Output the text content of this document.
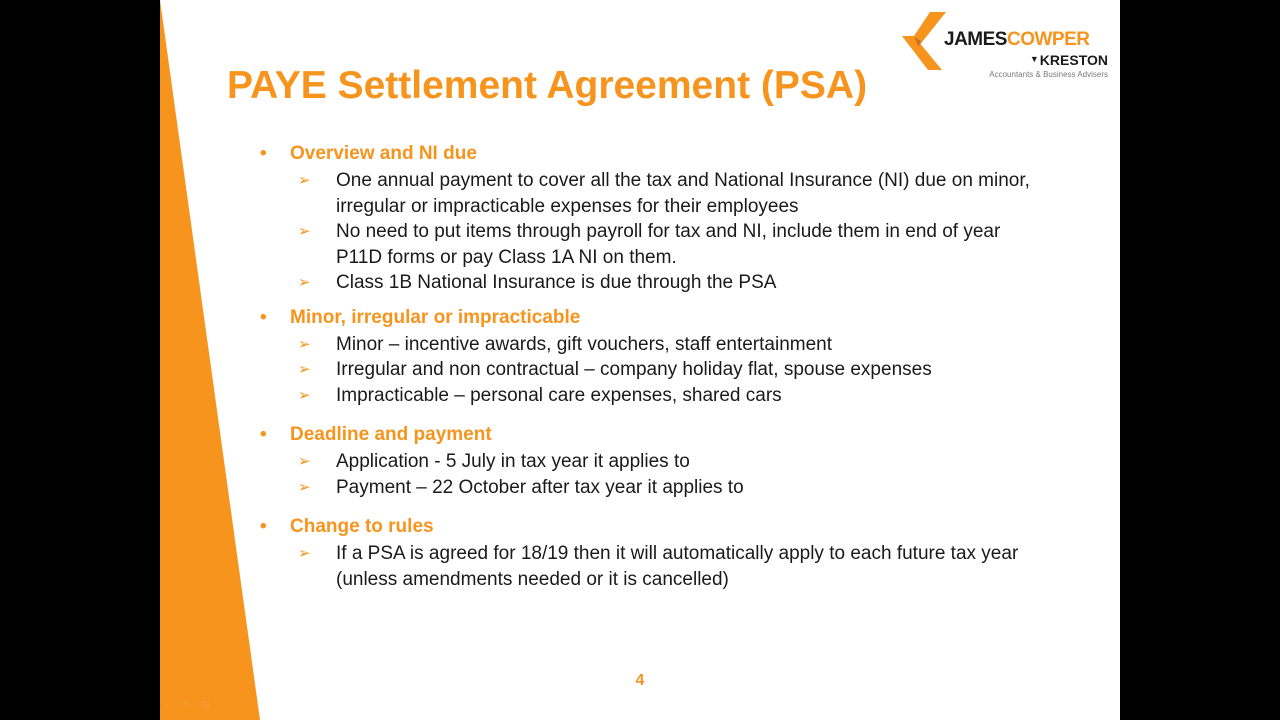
JAMESCOWPER
▼KRESTON
Accountants & Business Advisers
PAYE Settlement Agreement (PSA)
• Overview and NI due
➢ One annual payment to cover all the tax and National Insurance (NI) due on minor, irregular or impracticable expenses for their employees
➢ No need to put items through payroll for tax and NI, include them in end of year P11D forms or pay Class 1A NI on them.
➢ Class 1B National Insurance is due through the PSA
• Minor, irregular or impracticable
➢ Minor – incentive awards, gift vouchers, staff entertainment
➢ Irregular and non contractual – company holiday flat, spouse expenses
➢ Impracticable – personal care expenses, shared cars
• Deadline and payment
➢ Application - 5 July in tax year it applies to
➢ Payment – 22 October after tax year it applies to
• Change to rules
➢ If a PSA is agreed for 18/19 then it will automatically apply to each future tax year (unless amendments needed or it is cancelled)
4
⇠✎▤⋯
